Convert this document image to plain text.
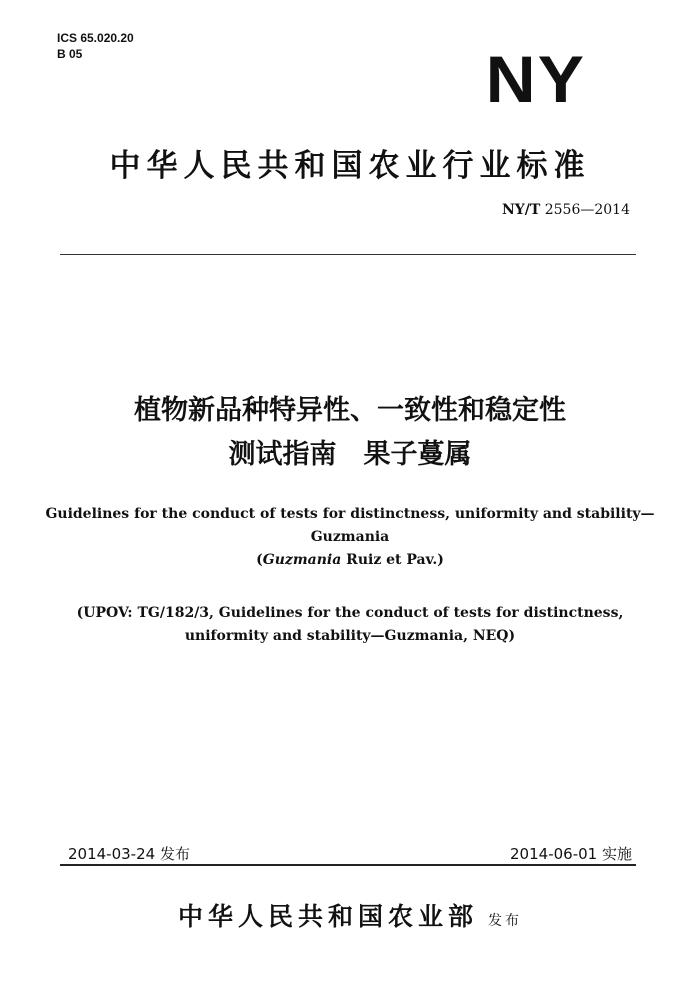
ICS 65.020.20
B 05	NY
中华人民共和国农业行业标准
NY/T 2556—2014
植物新品种特异性、一致性和稳定性
测试指南　果子蔓属
Guidelines for the conduct of tests for distinctness, uniformity and stability—
Guzmania
(Guzmania Ruiz et Pav.)
(UPOV: TG/182/3, Guidelines for the conduct of tests for distinctness,
uniformity and stability—Guzmania, NEQ)
2014-03-24 发布	2014-06-01 实施
中华人民共和国农业部 发布
